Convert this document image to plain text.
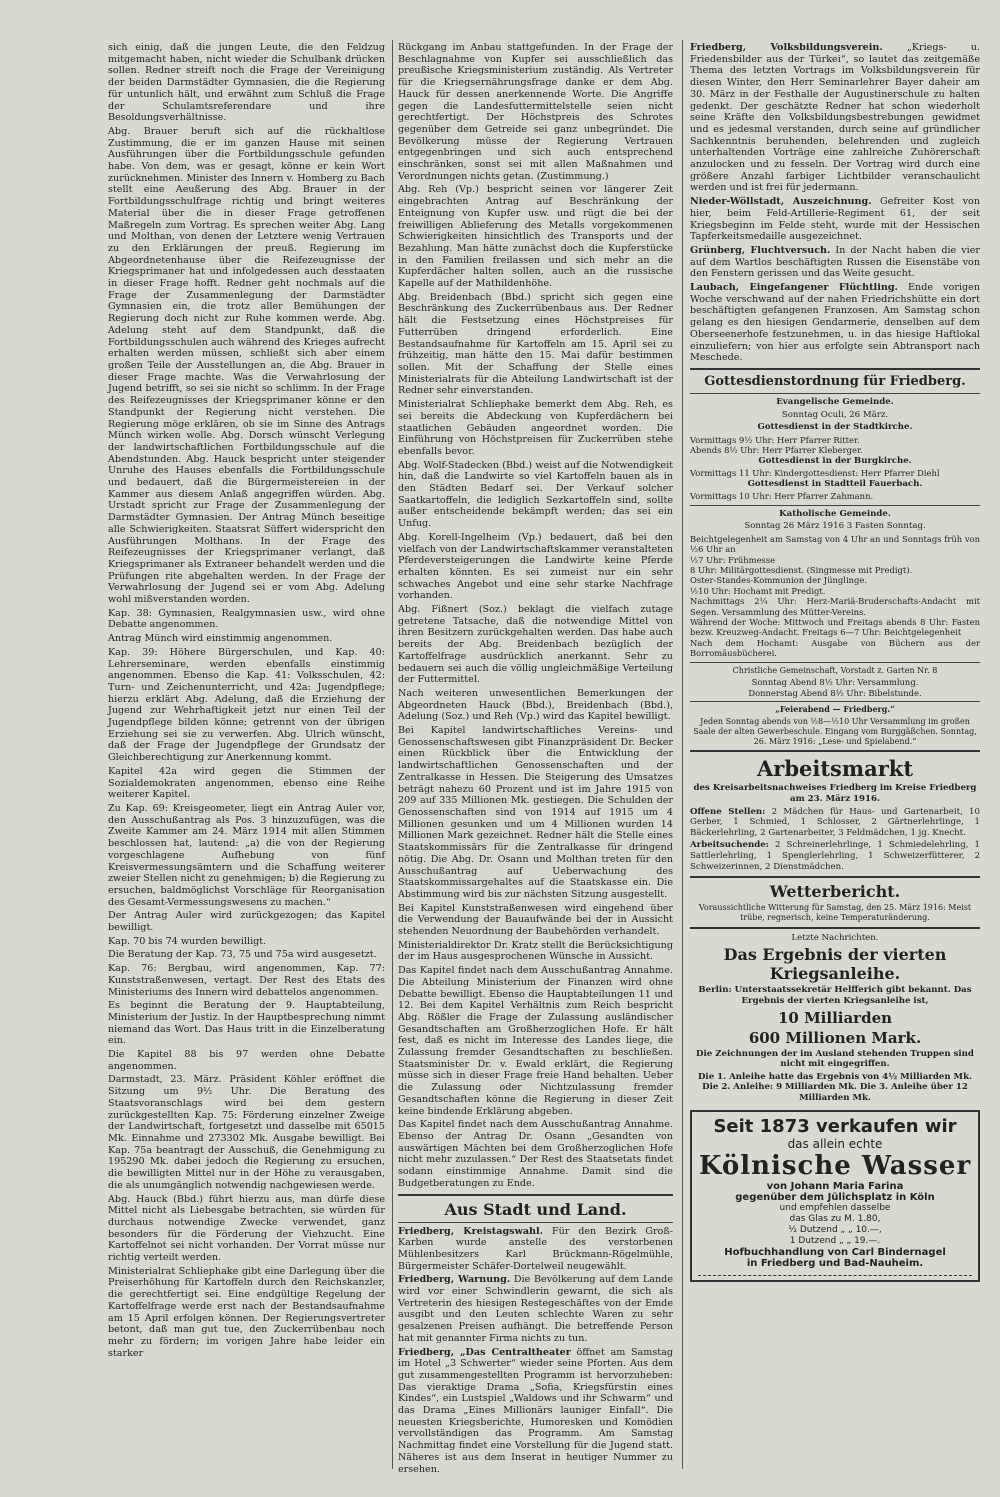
sich einig, daß die jungen Leute, die den Feldzug mitgemacht haben, nicht wieder die Schulbank drücken sollen. Redner streift noch die Frage der Vereinigung der beiden Darmstädter Gymnasien, die die Regierung für untunlich hält, und erwähnt zum Schluß die Frage der Schulamtsreferendare und ihre Besoldungsverhältnisse.

Abg. Brauer beruft sich auf die rückhaltlose Zustimmung, die er im ganzen Hause mit seinen Ausführungen über die Fortbildungsschule gefunden habe. Von dem, was er gesagt, könne er kein Wort zurücknehmen. Minister des Innern v. Homberg zu Bach stellt eine Aeußerung des Abg. Brauer in der Fortbildungsschulfrage richtig und bringt weiteres Material über die in dieser Frage getroffenen Maßregeln zum Vortrag. Es sprechen weiter Abg. Lang und Molthan, von denen der Letztere wenig Vertrauen zu den Erklärungen der preuß. Regierung im Abgeordnetenhause über die Reifezeugnisse der Kriegsprimaner hat und infolgedessen auch desstaaten in dieser Frage hofft. Redner geht nochmals auf die Frage der Zusammenlegung der Darmstädter Gymnasien ein, die trotz aller Bemühungen der Regierung doch nicht zur Ruhe kommen werde. Abg. Adelung steht auf dem Standpunkt, daß die Fortbildungsschulen auch während des Krieges aufrecht erhalten werden müssen, schließt sich aber einem großen Teile der Ausstellungen an, die Abg. Brauer in dieser Frage machte. Was die Verwahrlosung der Jugend betrifft, so sei sie nicht so schlimm. In der Frage des Reifezeugnisses der Kriegsprimaner könne er den Standpunkt der Regierung nicht verstehen. Die Regierung möge erklären, ob sie im Sinne des Antrags Münch wirken wolle. Abg. Dorsch wünscht Verlegung der landwirtschaftlichen Fortbildungsschule auf die Abendstunden. Abg. Hauck bespricht unter steigender Unruhe des Hauses ebenfalls die Fortbildungsschule und bedauert, daß die Bürgermeistereien in der Kammer aus diesem Anlaß angegriffen würden. Abg. Urstadt spricht zur Frage der Zusammenlegung der Darmstädter Gymnasien. Der Antrag Münch beseitige alle Schwierigkeiten. Staatsrat Süffert widerspricht den Ausführungen Molthans. In der Frage des Reifezeugnisses der Kriegsprimaner verlangt, daß Kriegsprimaner als Extraneer behandelt werden und die Prüfungen rite abgehalten werden. In der Frage der Verwahrlosung der Jugend sei er vom Abg. Adelung wohl mißverstanden worden.

Kap. 38: Gymnasien, Realgymnasien usw., wird ohne Debatte angenommen.

Antrag Münch wird einstimmig angenommen.

Kap. 39: Höhere Bürgerschulen, und Kap. 40: Lehrerseminare, werden ebenfalls einstimmig angenommen. Ebenso die Kap. 41: Volksschulen, 42: Turn- und Zeichenunterricht, und 42a: Jugendpflege; hierzu erklärt Abg. Adelung, daß die Erziehung der Jugend zur Wehrhaftigkeit jetzt nur einen Teil der Jugendpflege bilden könne; getrennt von der übrigen Erziehung sei sie zu verwerfen. Abg. Ulrich wünscht, daß der Frage der Jugendpflege der Grundsatz der Gleichberechtigung zur Anerkennung kommt.

Kapitel 42a wird gegen die Stimmen der Sozialdemokraten angenommen, ebenso eine Reihe weiterer Kapitel.

Zu Kap. 69: Kreisgeometer, liegt ein Antrag Auler vor, den Ausschußantrag als Pos. 3 hinzuzufügen, was die Zweite Kammer am 24. März 1914 mit allen Stimmen beschlossen hat, lautend: „a) die von der Regierung vorgeschlagene Aufhebung von fünf Kreisvermessungsämtern und die Schaffung weiterer zweier Stellen nicht zu genehmigen; b) die Regierung zu ersuchen, baldmöglichst Vorschläge für Reorganisation des Gesamt-Vermessungswesens zu machen.“

Der Antrag Auler wird zurückgezogen; das Kapitel bewilligt.

Kap. 70 bis 74 wurden bewilligt.

Die Beratung der Kap. 73, 75 und 75a wird ausgesetzt.

Kap. 76: Bergbau, wird angenommen, Kap. 77: Kunststraßenwesen, vertagt. Der Rest des Etats des Ministeriums des Innern wird debattelos angenommen.

Es beginnt die Beratung der 9. Hauptabteilung, Ministerium der Justiz. In der Hauptbesprechung nimmt niemand das Wort. Das Haus tritt in die Einzelberatung ein.

Die Kapitel 88 bis 97 werden ohne Debatte angenommen.

Darmstadt, 23. März. Präsident Köhler eröffnet die Sitzung um 9½ Uhr. Die Beratung des Staatsvoranschlags wird bei dem gestern zurückgestellten Kap. 75: Förderung einzelner Zweige der Landwirtschaft, fortgesetzt und dasselbe mit 65015 Mk. Einnahme und 273302 Mk. Ausgabe bewilligt. Bei Kap. 75a beantragt der Ausschuß, die Genehmigung zu 195290 Mk. dabei jedoch die Regierung zu ersuchen, die bewilligten Mittel nur in der Höhe zu verausgaben, die als unumgänglich notwendig nachgewiesen werde.

Abg. Hauck (Bbd.) führt hierzu aus, man dürfe diese Mittel nicht als Liebesgabe betrachten, sie würden für durchaus notwendige Zwecke verwendet, ganz besonders für die Förderung der Viehzucht. Eine Kartoffelnot sei nicht vorhanden. Der Vorrat müsse nur richtig verteilt werden.

Ministerialrat Schliephake gibt eine Darlegung über die Preiserhöhung für Kartoffeln durch den Reichskanzler, die gerechtfertigt sei. Eine endgültige Regelung der Kartoffelfrage werde erst nach der Bestandsaufnahme am 15 April erfolgen können. Der Regierungsvertreter betont, daß man gut tue, den Zuckerrübenbau noch mehr zu fördern; im vorigen Jahre habe leider ein starker

Rückgang im Anbau stattgefunden. In der Frage der Beschlagnahme von Kupfer sei ausschließlich das preußische Kriegsministerium zuständig. Als Vertreter für die Kriegsernährungsfrage danke er dem Abg. Hauck für dessen anerkennende Worte. Die Angriffe gegen die Landesfuttermittelstelle seien nicht gerechtfertigt. Der Höchstpreis des Schrotes gegenüber dem Getreide sei ganz unbegründet. Die Bevölkerung müsse der Regierung Vertrauen entgegenbringen und sich auch entsprechend einschränken, sonst sei mit allen Maßnahmen und Verordnungen nichts getan. (Zustimmung.)

Abg. Reh (Vp.) bespricht seinen vor längerer Zeit eingebrachten Antrag auf Beschränkung der Enteignung von Kupfer usw. und rügt die bei der freiwilligen Ablieferung des Metalls vorgekommenen Schwierigkeiten hinsichtlich des Transports und der Bezahlung. Man hätte zunächst doch die Kupferstücke in den Familien freilassen und sich mehr an die Kupferdächer halten sollen, auch an die russische Kapelle auf der Mathildenhöhe.

Abg. Breidenbach (Bbd.) spricht sich gegen eine Beschränkung des Zuckerrübenbaus aus. Der Redner hält die Festsetzung eines Höchstpreises für Futterrüben dringend erforderlich. Eine Bestandsaufnahme für Kartoffeln am 15. April sei zu frühzeitig, man hätte den 15. Mai dafür bestimmen sollen. Mit der Schaffung der Stelle eines Ministerialrats für die Abteilung Landwirtschaft ist der Redner sehr einverstanden.

Ministerialrat Schliephake bemerkt dem Abg. Reh, es sei bereits die Abdeckung von Kupferdächern bei staatlichen Gebäuden angeordnet worden. Die Einführung von Höchstpreisen für Zuckerrüben stehe ebenfalls bevor.

Abg. Wolf-Stadecken (Bbd.) weist auf die Notwendigkeit hin, daß die Landwirte so viel Kartoffeln bauen als in den Städten Bedarf sei. Der Verkauf solcher Saatkartoffeln, die lediglich Sezkartoffeln sind, sollte außer entscheidende bekämpft werden; das sei ein Unfug.

Abg. Korell-Ingelheim (Vp.) bedauert, daß bei den vielfach von der Landwirtschaftskammer veranstalteten Pferdeversteigerungen die Landwirte keine Pferde erhalten könnten. Es sei zumeist nur ein sehr schwaches Angebot und eine sehr starke Nachfrage vorhanden.

Abg. Fißnert (Soz.) beklagt die vielfach zutage getretene Tatsache, daß die notwendige Mittel von ihren Besitzern zurückgehalten werden. Das habe auch bereits der Abg. Breidenbach bezüglich der Kartoffelfrage ausdrücklich anerkannt. Sehr zu bedauern sei auch die völlig ungleichmäßige Verteilung der Futtermittel.

Nach weiteren unwesentlichen Bemerkungen der Abgeordneten Hauck (Bbd.), Breidenbach (Bbd.), Adelung (Soz.) und Reh (Vp.) wird das Kapitel bewilligt.

Bei Kapitel landwirtschaftliches Vereins- und Genossenschaftswesen gibt Finanzpräsident Dr. Becker einen Rückblick über die Entwicklung der landwirtschaftlichen Genossenschaften und der Zentralkasse in Hessen. Die Steigerung des Umsatzes beträgt nahezu 60 Prozent und ist im Jahre 1915 von 209 auf 335 Millionen Mk. gestiegen. Die Schulden der Genossenschaften sind von 1914 auf 1915 um 4 Millionen gesunken und um 4 Millionen wurden 14 Millionen Mark gezeichnet. Redner hält die Stelle eines Staatskommissärs für die Zentralkasse für dringend nötig. Die Abg. Dr. Osann und Molthan treten für den Ausschußantrag auf Ueberwachung des Staatskommissargehaltes auf die Staatskasse ein. Die Abstimmung wird bis zur nächsten Sitzung ausgestellt.

Bei Kapitel Kunststraßenwesen wird eingehend über die Verwendung der Bauaufwände bei der in Aussicht stehenden Neuordnung der Baubehörden verhandelt.

Ministerialdirektor Dr. Kratz stellt die Berücksichtigung der im Haus ausgesprochenen Wünsche in Aussicht.

Das Kapitel findet nach dem Ausschußantrag Annahme. Die Abteilung Ministerium der Finanzen wird ohne Debatte bewilligt. Ebenso die Hauptabteilungen 11 und 12. Bei dem Kapitel Verhältnis zum Reich bespricht Abg. Rößler die Frage der Zulassung ausländischer Gesandtschaften am Großherzoglichen Hofe. Er hält fest, daß es nicht im Interesse des Landes liege, die Zulassung fremder Gesandtschaften zu beschließen. Staatsminister Dr. v. Ewald erklärt, die Regierung müsse sich in dieser Frage freie Hand behalten. Ueber die Zulassung oder Nichtzulassung fremder Gesandtschaften könne die Regierung in dieser Zeit keine bindende Erklärung abgeben.

Das Kapitel findet nach dem Ausschußantrag Annahme. Ebenso der Antrag Dr. Osann „Gesandten von auswärtigen Mächten bei dem Großherzoglichen Hofe nicht mehr zuzulassen.“ Der Rest des Staatsetats findet sodann einstimmige Annahme. Damit sind die Budgetberatungen zu Ende.

Aus Stadt und Land.

Friedberg, Kreistagswahl. Für den Bezirk Groß-Karben wurde anstelle des verstorbenen Mühlenbesitzers Karl Brückmann-Rögelmühle, Bürgermeister Schäfer-Dortelweil neugewählt.

Friedberg, Warnung. Die Bevölkerung auf dem Lande wird vor einer Schwindlerin gewarnt, die sich als Vertreterin des hiesigen Restegeschäftes von der Emde ausgibt und den Leuten schlechte Waren zu sehr gesalzenen Preisen aufhängt. Die betreffende Person hat mit genannter Firma nichts zu tun.

Friedberg, „Das Centraltheater öffnet am Samstag im Hotel „3 Schwerter“ wieder seine Pforten. Aus dem gut zusammengestellten Programm ist hervorzuheben: Das vieraktige Drama „Sofia, Kriegsfürstin eines Kindes“, ein Lustspiel „Waldows und ihr Schwarm“ und das Drama „Eines Millionärs launiger Einfall“. Die neuesten Kriegsberichte, Humoresken und Komödien vervollständigen das Programm. Am Samstag Nachmittag findet eine Vorstellung für die Jugend statt. Näheres ist aus dem Inserat in heutiger Nummer zu ersehen.

Friedberg, Volksbildungsverein.	„Kriegs- u. Friedensbilder aus der Türkei“, so lautet das zeitgemäße Thema des letzten Vortrags im Volksbildungsverein für diesen Winter, den Herr Seminarlehrer Bayer daheir am 30. März in der Festhalle der Augustinerschule zu halten gedenkt. Der geschätzte Redner hat schon wiederholt seine Kräfte den Volksbildungsbestrebungen gewidmet und es jedesmal verstanden, durch seine auf gründlicher Sachkenntnis beruhenden, belehrenden und zugleich unterhaltenden Vorträge eine zahlreiche Zuhörerschaft anzulocken und zu fesseln. Der Vortrag wird durch eine größere Anzahl farbiger Lichtbilder veranschaulicht werden und ist frei für jedermann.

Nieder-Wöllstadt, Auszeichnung. Gefreiter Kost von hier, beim Feld-Artillerie-Regiment 61, der seit Kriegsbeginn im Felde steht, wurde mit der Hessischen Tapferkeitsmedaille ausgezeichnet.

Grünberg, Fluchtversuch. In der Nacht haben die vier auf dem Wartlos beschäftigten Russen die Eisenstäbe von den Fenstern gerissen und das Weite gesucht.

Laubach, Eingefangener Flüchtling. Ende vorigen Woche verschwand auf der nahen Friedrichshütte ein dort beschäftigten gefangenen Franzosen. Am Samstag schon gelang es den hiesigen Gendarmerie, denselben auf dem Oberseenerhofe festzunehmen, u. in das hiesige Haftlokal einzuliefern; von hier aus erfolgte sein Abtransport nach Meschede.

Gottesdienstordnung für Friedberg.

Evangelische Gemeinde.

Sonntag Oculi, 26 März.

Gottesdienst in der Stadtkirche.

Vormittags 9½ Uhr: Herr Pfarrer Ritter.

Abends 8½ Uhr: Herr Pfarrer Kleberger.

Gottesdienst in der Burgkirche.

Vormittags 11 Uhr: Kindergottesdienst: Herr Pfarrer Diehl

Gottesdienst in Stadtteil Fauerbach.

Vormittags 10 Uhr: Herr Pfarrer Zahmann.

Katholische Gemeinde.

Sonntag 26 März 1916 3 Fasten Sonntag.

Beichtgelegenheit am Samstag von 4 Uhr an und Sonntags früh von ½6 Uhr an

½7 Uhr: Frühmesse

8 Uhr: Militärgottesdienst. (Singmesse mit Predigt).

Oster-Standes-Kommunion der Jünglinge.

½10 Uhr: Hochamt mit Predigt.

Nachmittags 2¼ Uhr: Herz-Mariä-Bruderschafts-Andacht mit Segen. Versammlung des Mütter-Vereins.

Während der Woche: Mittwoch und Freitags abends 8 Uhr: Fasten bezw. Kreuzweg-Andacht. Freitags 6—7 Uhr: Beichtgelegenheit

Nach dem Hochamt: Ausgabe von Büchern aus der Borromäusbücherei.

Christliche Gemeinschaft, Vorstadt z. Garten Nr. 8

Sonntag Abend 8½ Uhr: Versammlung.

Donnerstag Abend 8½ Uhr: Bibelstunde.

„Feierabend — Friedberg.“

Jeden Sonntag abends von ½8—½10 Uhr Versammlung im großen Saale der alten Gewerbeschule. Eingang vom Burggäßchen. Sonntag, 26. März 1916: „Lese- und Spielabend.“

Arbeitsmarkt

des Kreisarbeitsnachweises Friedberg im Kreise Friedberg am 23. März 1916.

Offene Stellen: 2 Mädchen für Haus- und Gartenarbeit, 10 Gerber, 1 Schmied, 1 Schlosser, 2 Gärtnerlehrlinge, 1 Bäckerlehrling, 2 Gartenarbeiter, 3 Feldmädchen, 1 jg. Knecht.

Arbeitsuchende: 2 Schreinerlehrlinge, 1 Schmiedelehrling, 1 Sattlerlehrling, 1 Spenglerlehrling, 1 Schweizerfütterer, 2 Schweizerinnen, 2 Dienstmädchen.

Wetterbericht.

Voraussichtliche Witterung für Samstag, den 25. März 1916: Meist trübe, regnerisch, keine Temperaturänderung.

Letzte Nachrichten.

Das Ergebnis der vierten Kriegsanleihe.

Berlin: Unterstaatssekretär Helfferich gibt bekannt. Das Ergebnis der vierten Kriegsanleihe ist,

10 Milliarden
600 Millionen Mark.

Die Zeichnungen der im Ausland stehenden Truppen sind nicht mit eingegriffen.

Die 1. Anleihe hatte das Ergebnis von 4½ Milliarden Mk. Die 2. Anleihe: 9 Milliarden Mk. Die 3. Anleihe über 12 Milliarden Mk.

Seit 1873 verkaufen wir
das allein echte
Kölnische Wasser
von Johann Maria Farina
gegenüber dem Jülichsplatz in Köln
und empfehlen dasselbe
das Glas zu M. 1.80,
½ Dutzend „ „ 10.—,
1 Dutzend „ „ 19.—.
Hofbuchhandlung von Carl Bindernagel
in Friedberg und Bad-Nauheim.
